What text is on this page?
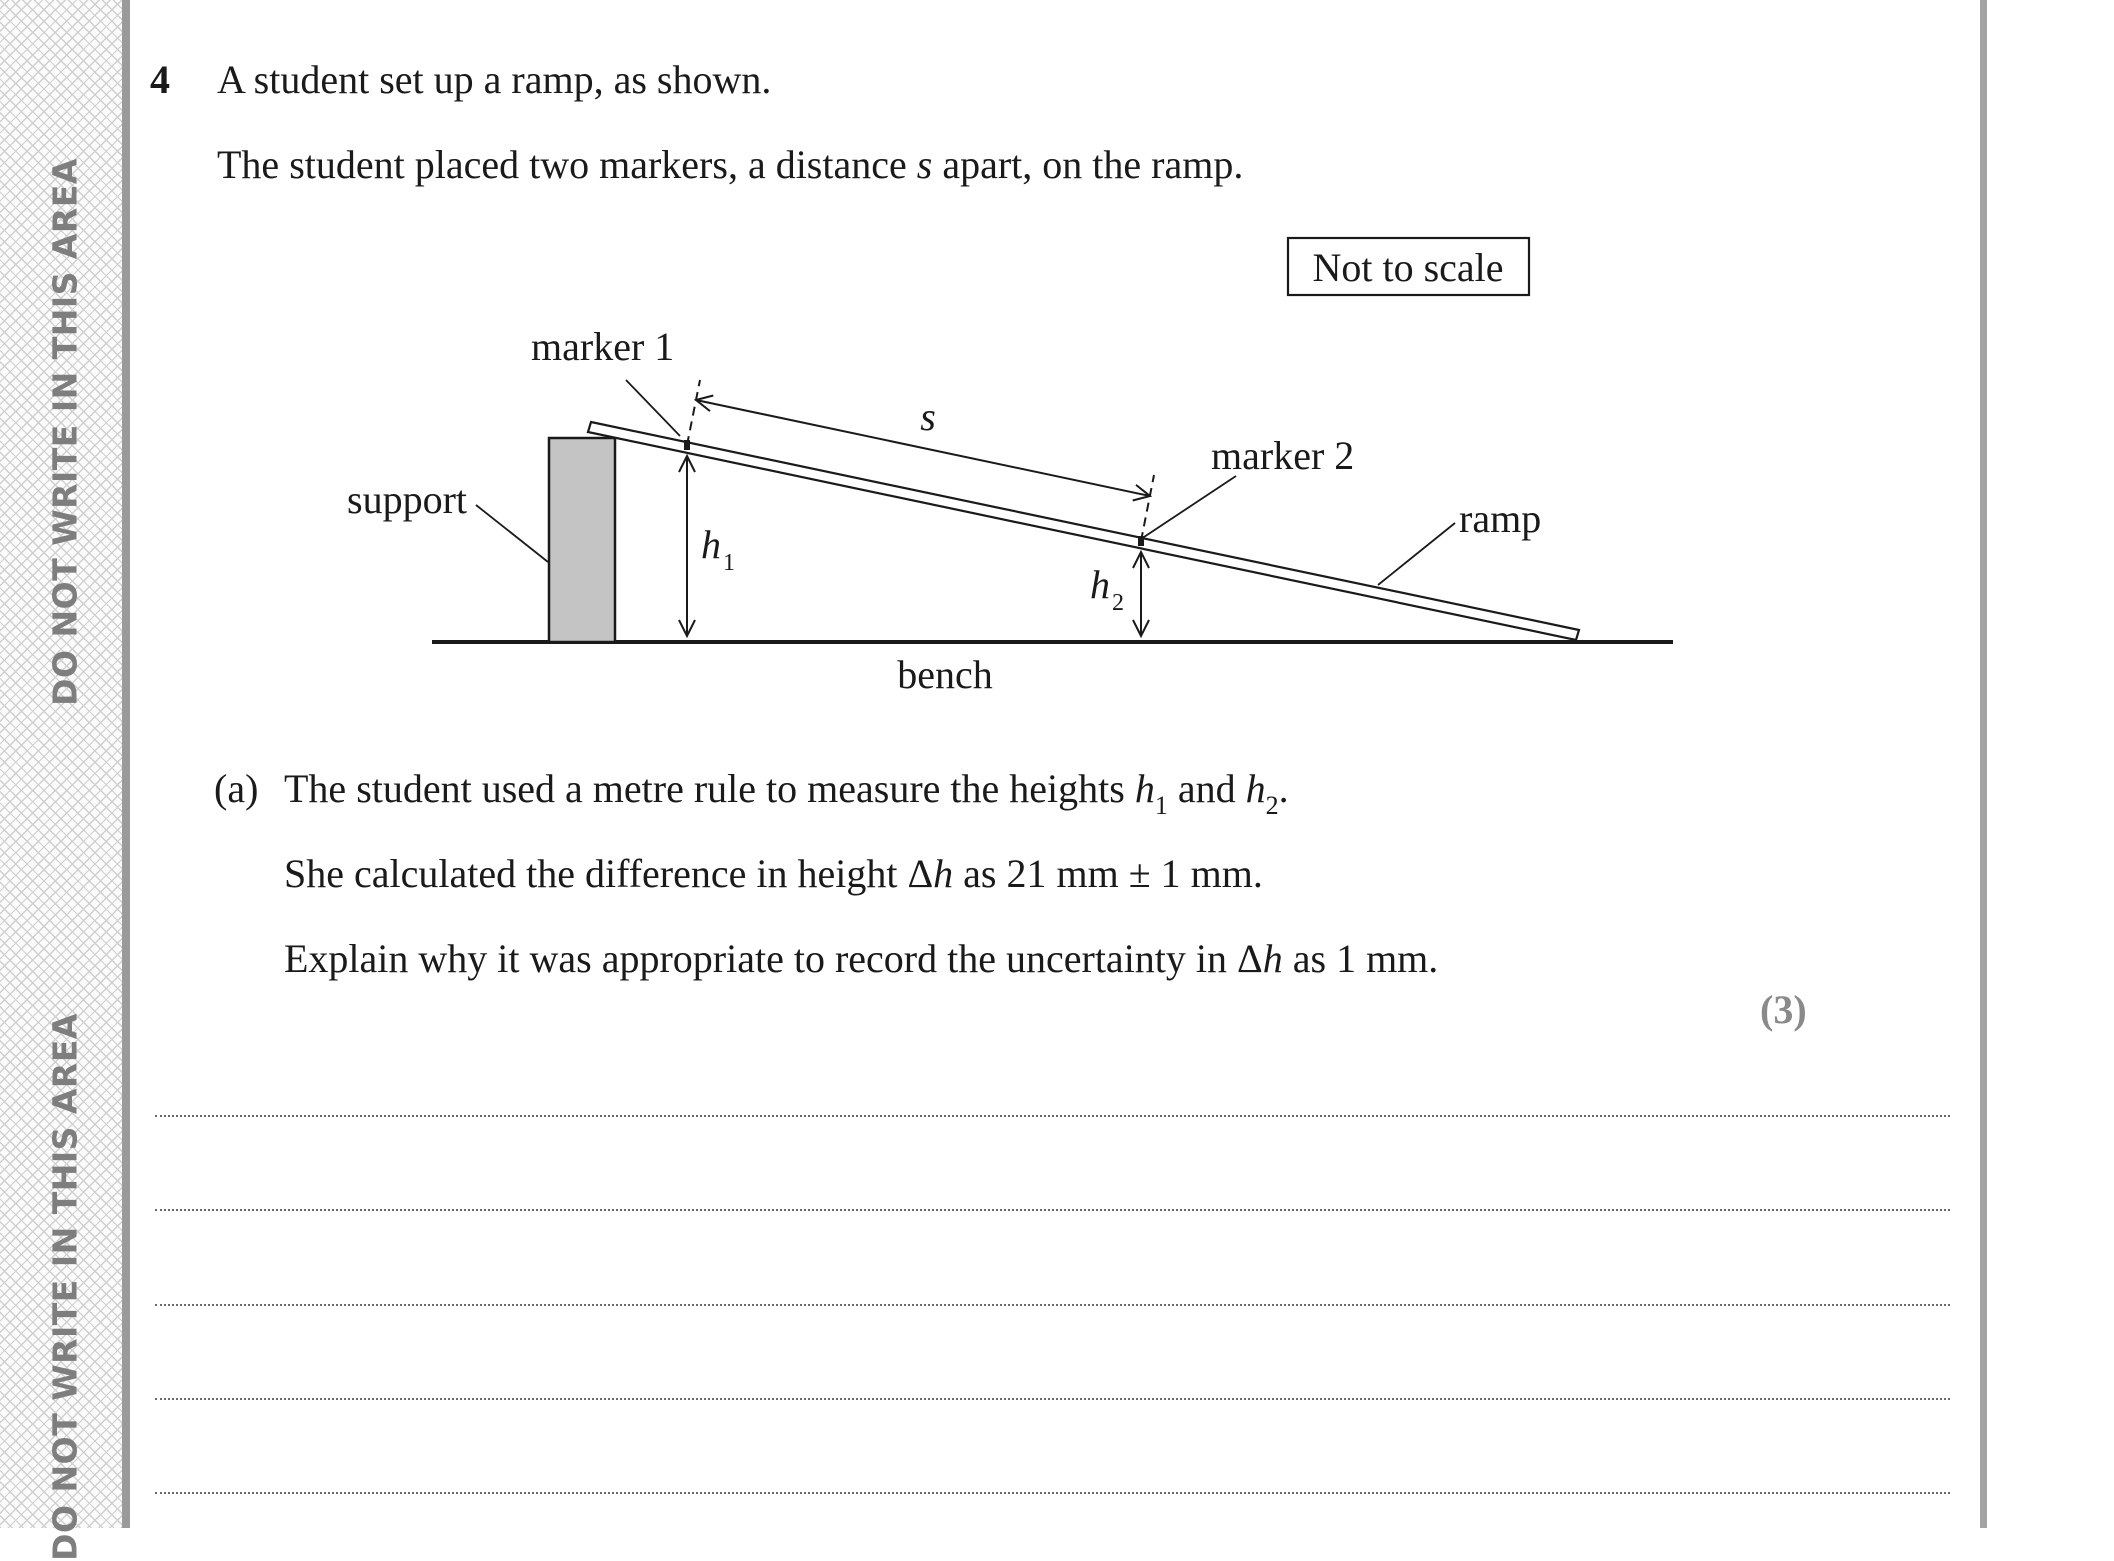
DO NOT WRITE IN THIS AREA
DO NOT WRITE IN THIS AREA
4 A student set up a ramp, as shown.
The student placed two markers, a distance s apart, on the ramp.
Not to scale
s
$h_1$	$h_2$
marker 1
marker 2
support	ramp
bench
(a) The student used a metre rule to measure the heights $h_1$ and $h_2$.
She calculated the difference in height Δh as 21 mm ± 1 mm.
Explain why it was appropriate to record the uncertainty in Δh as 1 mm.
(3)
